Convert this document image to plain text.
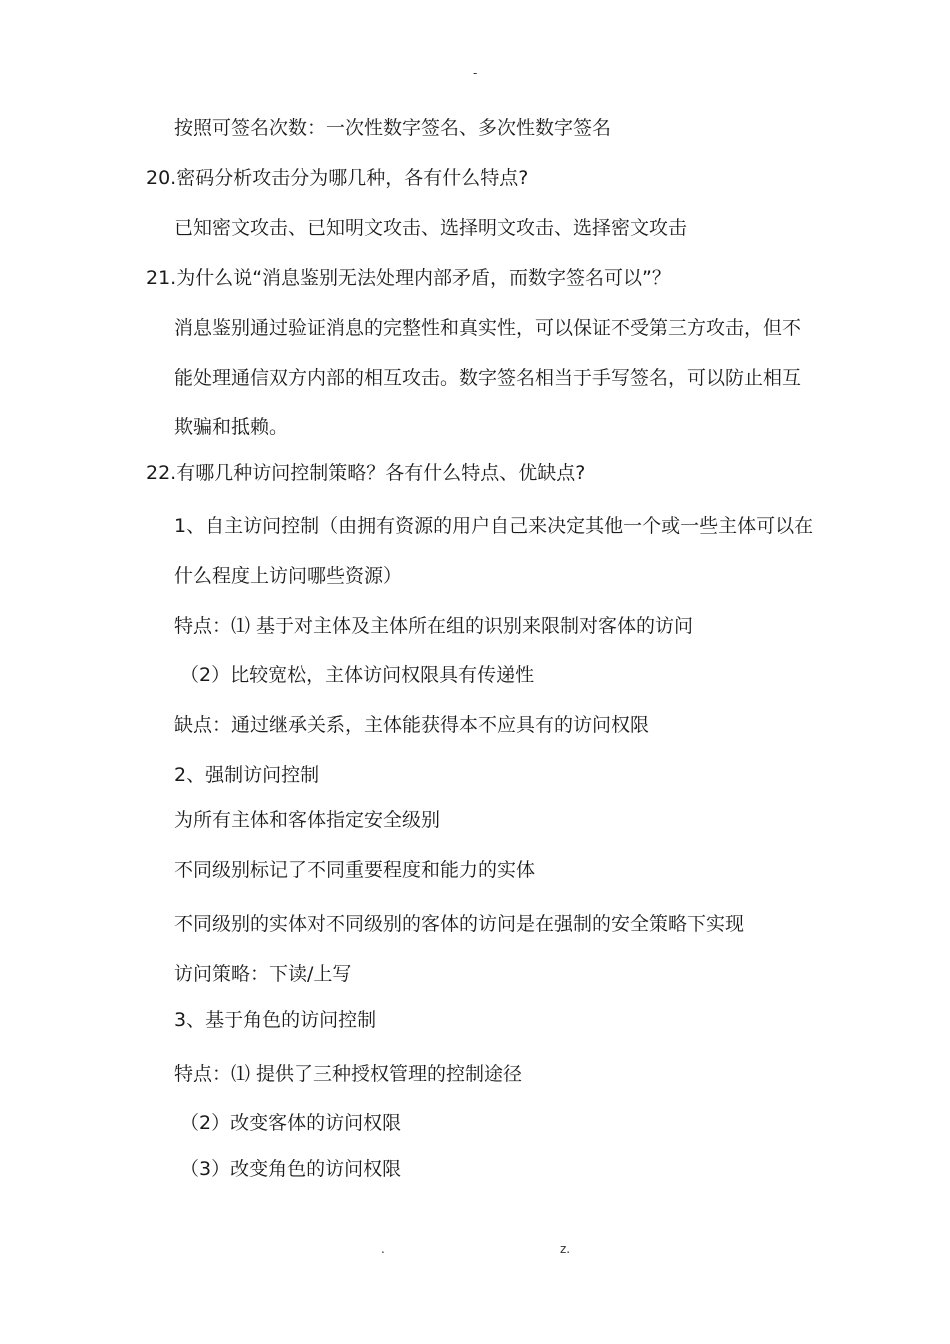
-
按照可签名次数：一次性数字签名、多次性数字签名
20.密码分析攻击分为哪几种，各有什么特点?
已知密文攻击、已知明文攻击、选择明文攻击、选择密文攻击
21.为什么说“消息鉴别无法处理内部矛盾，而数字签名可以”？
消息鉴别通过验证消息的完整性和真实性，可以保证不受第三方攻击，但不
能处理通信双方内部的相互攻击。数字签名相当于手写签名，可以防止相互
欺骗和抵赖。
22.有哪几种访问控制策略？各有什么特点、优缺点?
1、自主访问控制（由拥有资源的用户自己来决定其他一个或一些主体可以在
什么程度上访问哪些资源）
特点：⑴ 基于对主体及主体所在组的识别来限制对客体的访问
（2）比较宽松，主体访问权限具有传递性
缺点：通过继承关系，主体能获得本不应具有的访问权限
2、强制访问控制
为所有主体和客体指定安全级别
不同级别标记了不同重要程度和能力的实体
不同级别的实体对不同级别的客体的访问是在强制的安全策略下实现
访问策略：下读/上写
3、基于角色的访问控制
特点：⑴ 提供了三种授权管理的控制途径
（2）改变客体的访问权限
（3）改变角色的访问权限
.	z.
